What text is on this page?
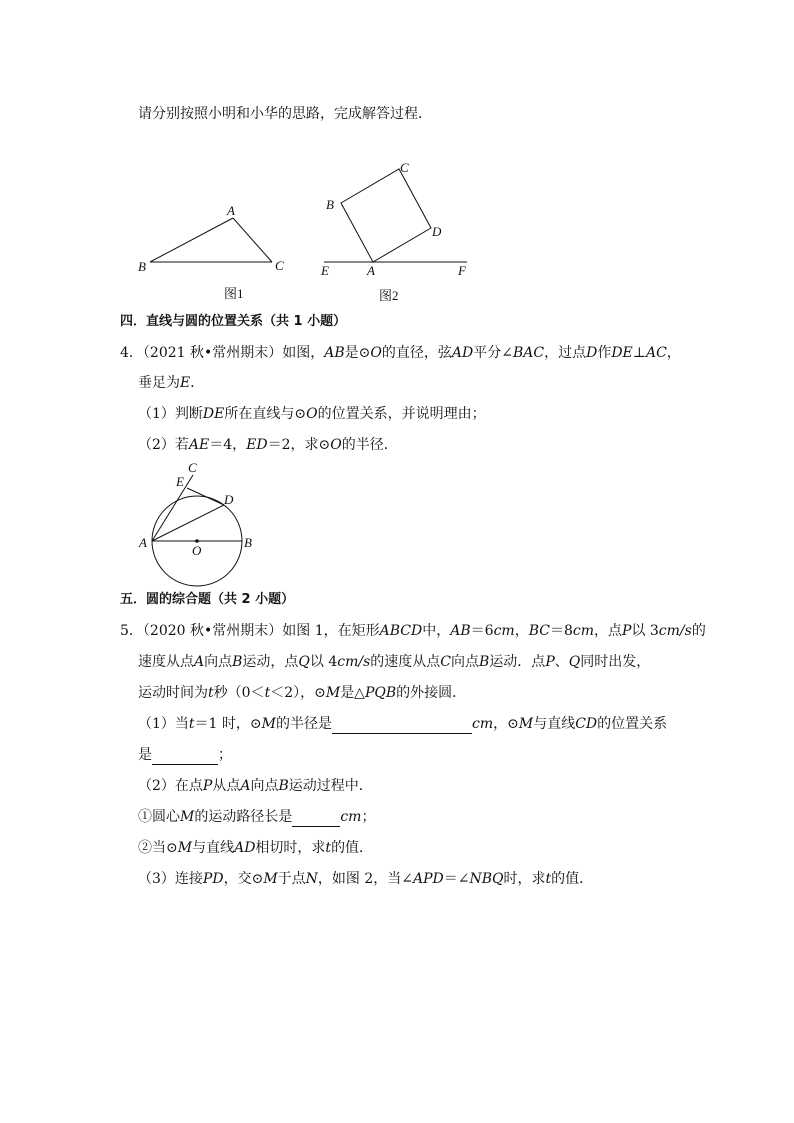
请分别按照小明和小华的思路，完成解答过程．
A
B	C
图1
C
B
D
E	A	F
图2
四．直线与圆的位置关系（共 1 小题）
4．（2021 秋•常州期末）如图，AB是⊙O的直径，弦AD平分∠BAC，过点D作DE⊥AC，
垂足为E．
（1）判断DE所在直线与⊙O的位置关系，并说明理由；
（2）若AE＝4，ED＝2，求⊙O的半径．
C
E
D
A	B
O
五．圆的综合题（共 2 小题）
5．（2020 秋•常州期末）如图 1，在矩形ABCD中，AB＝6cm，BC＝8cm，点P以 3cm/s的
速度从点A向点B运动，点Q以 4cm/s的速度从点C向点B运动．点P、Q同时出发，
运动时间为t秒（0＜t＜2），⊙M是△PQB的外接圆．
（1）当t＝1 时，⊙M的半径是	cm，⊙M与直线CD的位置关系
是	；
（2）在点P从点A向点B运动过程中．
①圆心M的运动路径长是	cm；
②当⊙M与直线AD相切时，求t的值．
（3）连接PD，交⊙M于点N，如图 2，当∠APD＝∠NBQ时，求t的值．
